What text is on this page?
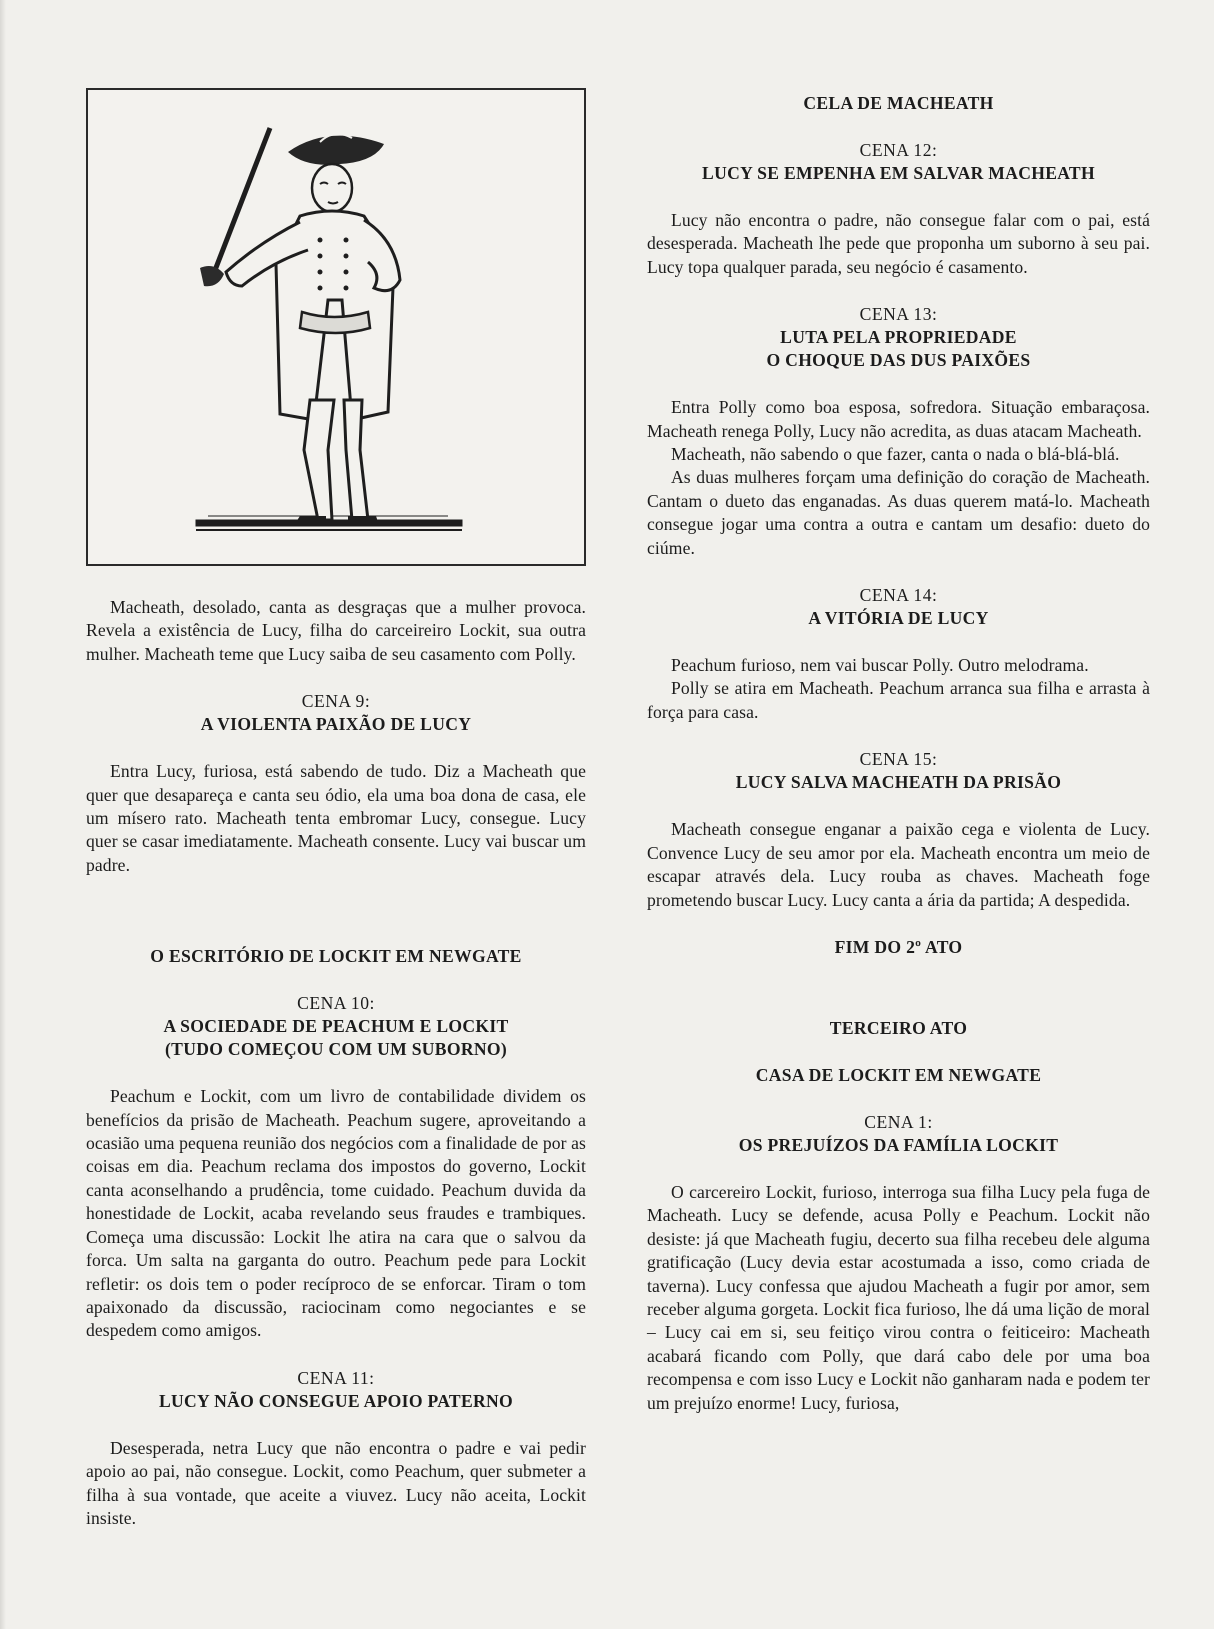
Macheath, desolado, canta as desgraças que a mulher provoca. Revela a existência de Lucy, filha do carceireiro Lockit, sua outra mulher. Macheath teme que Lucy saiba de seu casamento com Polly.

CENA 9:
A VIOLENTA PAIXÃO DE LUCY

Entra Lucy, furiosa, está sabendo de tudo. Diz a Macheath que quer que desapareça e canta seu ódio, ela uma boa dona de casa, ele um mísero rato. Macheath tenta embromar Lucy, consegue. Lucy quer se casar imediatamente. Macheath consente. Lucy vai buscar um padre.

O ESCRITÓRIO DE LOCKIT EM NEWGATE

CENA 10:
A SOCIEDADE DE PEACHUM E LOCKIT
(TUDO COMEÇOU COM UM SUBORNO)

Peachum e Lockit, com um livro de contabilidade dividem os benefícios da prisão de Macheath. Peachum sugere, aproveitando a ocasião uma pequena reunião dos negócios com a finalidade de por as coisas em dia. Peachum reclama dos impostos do governo, Lockit canta aconselhando a prudência, tome cuidado. Peachum duvida da honestidade de Lockit, acaba revelando seus fraudes e trambiques. Começa uma discussão: Lockit lhe atira na cara que o salvou da forca. Um salta na garganta do outro. Peachum pede para Lockit refletir: os dois tem o poder recíproco de se enforcar. Tiram o tom apaixonado da discussão, raciocinam como negociantes e se despedem como amigos.

CENA 11:
LUCY NÃO CONSEGUE APOIO PATERNO

Desesperada, netra Lucy que não encontra o padre e vai pedir apoio ao pai, não consegue. Lockit, como Peachum, quer submeter a filha à sua vontade, que aceite a viuvez. Lucy não aceita, Lockit insiste.

CELA DE MACHEATH

CENA 12:
LUCY SE EMPENHA EM SALVAR MACHEATH

Lucy não encontra o padre, não consegue falar com o pai, está desesperada. Macheath lhe pede que proponha um suborno à seu pai. Lucy topa qualquer parada, seu negócio é casamento.

CENA 13:
LUTA PELA PROPRIEDADE
O CHOQUE DAS DUS PAIXÕES

Entra Polly como boa esposa, sofredora. Situação embaraçosa. Macheath renega Polly, Lucy não acredita, as duas atacam Macheath.

Macheath, não sabendo o que fazer, canta o nada o blá-blá-blá.

As duas mulheres forçam uma definição do coração de Macheath. Cantam o dueto das enganadas. As duas querem matá-lo. Macheath consegue jogar uma contra a outra e cantam um desafio: dueto do ciúme.

CENA 14:
A VITÓRIA DE LUCY

Peachum furioso, nem vai buscar Polly. Outro melodrama.

Polly se atira em Macheath. Peachum arranca sua filha e arrasta à força para casa.

CENA 15:
LUCY SALVA MACHEATH DA PRISÃO

Macheath consegue enganar a paixão cega e violenta de Lucy. Convence Lucy de seu amor por ela. Macheath encontra um meio de escapar através dela. Lucy rouba as chaves. Macheath foge prometendo buscar Lucy. Lucy canta a ária da partida; A despedida.

FIM DO 2º ATO

TERCEIRO ATO

CASA DE LOCKIT EM NEWGATE

CENA 1:
OS PREJUÍZOS DA FAMÍLIA LOCKIT

O carcereiro Lockit, furioso, interroga sua filha Lucy pela fuga de Macheath. Lucy se defende, acusa Polly e Peachum. Lockit não desiste: já que Macheath fugiu, decerto sua filha recebeu dele alguma gratificação (Lucy devia estar acostumada a isso, como criada de taverna). Lucy confessa que ajudou Macheath a fugir por amor, sem receber alguma gorgeta. Lockit fica furioso, lhe dá uma lição de moral – Lucy cai em si, seu feitiço virou contra o feiticeiro: Macheath acabará ficando com Polly, que dará cabo dele por uma boa recompensa e com isso Lucy e Lockit não ganharam nada e podem ter um prejuízo enorme! Lucy, furiosa,
